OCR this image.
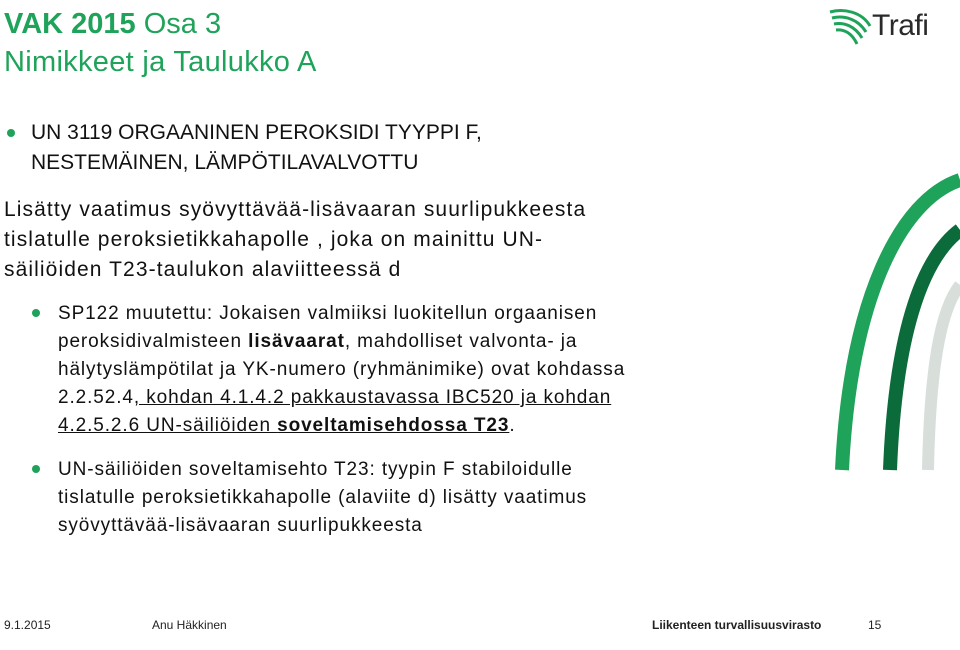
VAK 2015 Osa 3
Nimikkeet ja Taulukko A
Trafi
UN 3119 ORGAANINEN PEROKSIDI TYYPPI F,
NESTEMÄINEN, LÄMPÖTILAVALVOTTU
Lisätty vaatimus syövyttävää-lisävaaran suurlipukkeesta
tislatulle peroksietikkahapolle , joka on mainittu UN-
säiliöiden T23-taulukon alaviitteessä d
SP122 muutettu: Jokaisen valmiiksi luokitellun orgaanisen
peroksidivalmisteen lisävaarat, mahdolliset valvonta- ja
hälytyslämpötilat ja YK-numero (ryhmänimike) ovat kohdassa
2.2.52.4, kohdan 4.1.4.2 pakkaustavassa IBC520 ja kohdan
4.2.5.2.6 UN-säiliöiden soveltamisehdossa T23.
UN-säiliöiden soveltamisehto T23: tyypin F stabiloidulle
tislatulle peroksietikkahapolle (alaviite d) lisätty vaatimus
syövyttävää-lisävaaran suurlipukkeesta
9.1.2015	Anu Häkkinen	Liikenteen turvallisuusvirasto	15
